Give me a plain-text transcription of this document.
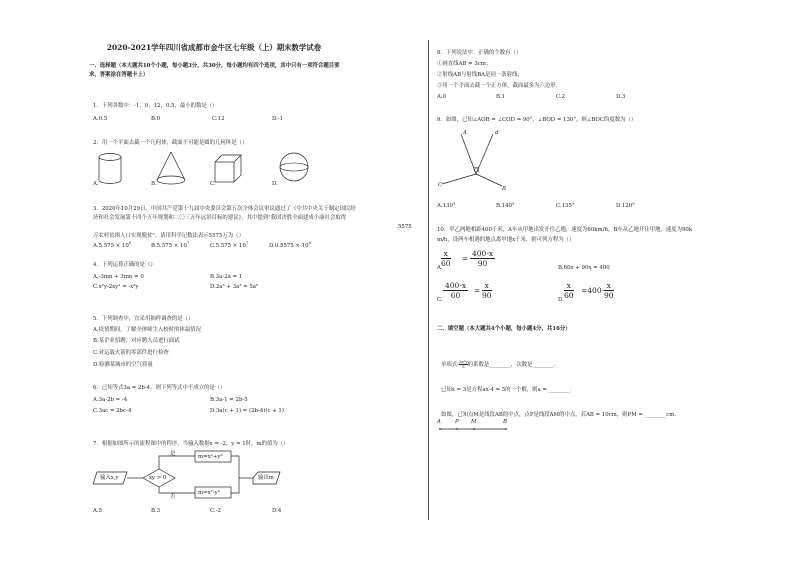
2020-2021学年四川省成都市金牛区七年级（上）期末数学试卷
一、选择题（本大题共10个小题，每小题3分，共30分，每小题均有四个选项，其中只有一项符合题目要
求，答案涂在答题卡上）
1．下列各数中：-1，0，12，0.5，最小的数是（）
A.0.5	B.0	C.12	D.-1
2．用一个平面去截一个几何体，截面不可能是圆的几何体是（）
A.	B.	C.	D.
3．2020年10月29日，中国共产党第十九届中央委员会第五次全体会议审议通过了《中共中央关于制定国民经
济和社会发展第十四个五年规划和二〇三五年远景目标的建议》，其中提到"我国决胜全面建成小康社会取得
5575
万农村贫困人口实现脱贫"。请用科学记数法表示5575万为（）
$A.5.575 \times 10^6$
$B.5.575 \times 10^7$
$C.5.575 \times 10^7$
$D.0.5575 \times 10^8$
4．下列运算正确的是（）
A.-3mn + 3mn = 0	B.3a-2a = 1
C.x²y-2xy² = -x²y	D.2a³ + 3a³ = 5a⁶
5．下列调查中，宜采用抽样调查的是（）
A.疫情期间，了解全体师生入校时的体温情况
B.某企业招聘，对应聘人员进行面试
C.对运载火箭的零部件进行检查
D.检测某城市的空气质量
6．已知等式3a = 2b-4，则下列等式中不成立的是（）
A.3a-2b = -4	B.3a-1 = 2b-5
C.3ac = 2bc-4	D.3a(c + 1) = (2b-4)(c + 1)
7．根据如图所示的流程图中的程序，当输入数据x = -2，y = 1时，m的值为（）
输入x,y	xy > 0
是
否
m=x²+y²
m=x²-y²
输出m
A.5	B.3	C.-2	D.4
8．下列说法中：正确的个数有（）
①画直线AB = 3cm；
②射线AB与射线BA是同一条射线；
③用一个平面去截一个正方体，截面最多为六边形．
A.0	B.1	C.2	D.3
9．如图，已知∠AOB = ∠COD = 90°，∠BOD = 130°，则∠BOC的度数为（）
A	d
O
C
B
A.130°	B.140°	C.135°	D.120°
10．甲乙两地相距400千米，A车从甲地出发开往乙地，速度为60km/h，B车从乙地开往甲地，速度为90k
m/h，设两车相遇的地点离甲地x千米，则可列方程为（）
$\frac{x}{60} = \frac{400-x}{90}$
A.	B.60x + 90x = 400
C. $\frac{400-x}{60} = \frac{x}{90}$	D. $\frac{x}{60} =400- \frac{x}{90}$
二、填空题（本大题共4个小题，每小题4分，共16分）
单项式- $\frac{\text{3x²y}}{5}$ 的系数是________，次数是________．
已知x = 3是方程ax-4 = 5的一个解，则a = ________．
如图，已知点M是线段AB的中点，点P是线段AM的中点，若AB = 10cm，则PM = ________cm．
A	P M	B
